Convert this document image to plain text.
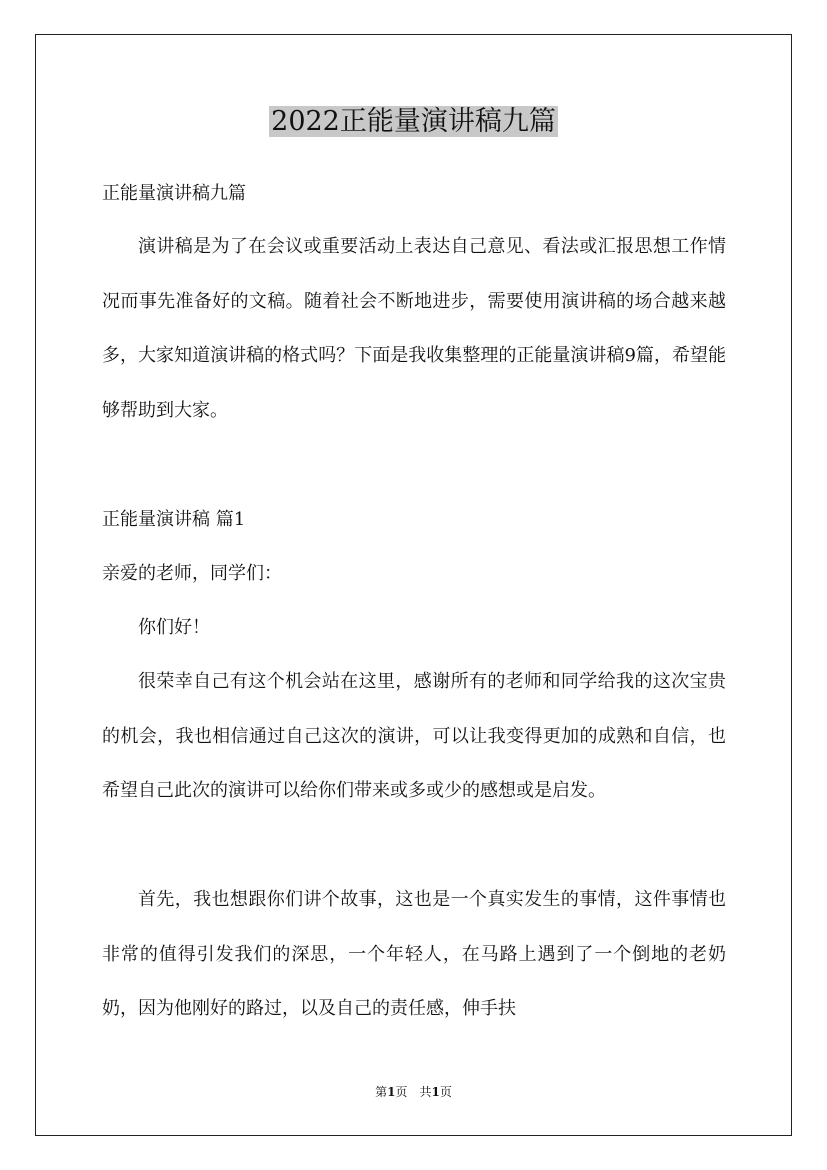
2022正能量演讲稿九篇

正能量演讲稿九篇

演讲稿是为了在会议或重要活动上表达自己意见、看法或汇报思想工作情况而事先准备好的文稿。随着社会不断地进步，需要使用演讲稿的场合越来越多，大家知道演讲稿的格式吗？下面是我收集整理的正能量演讲稿9篇，希望能够帮助到大家。

正能量演讲稿 篇1

亲爱的老师，同学们：

你们好！

很荣幸自己有这个机会站在这里，感谢所有的老师和同学给我的这次宝贵的机会，我也相信通过自己这次的演讲，可以让我变得更加的成熟和自信，也希望自己此次的演讲可以给你们带来或多或少的感想或是启发。

首先，我也想跟你们讲个故事，这也是一个真实发生的事情，这件事情也非常的值得引发我们的深思，一个年轻人，在马路上遇到了一个倒地的老奶奶，因为他刚好的路过，以及自己的责任感，伸手扶

第1页　共1页
